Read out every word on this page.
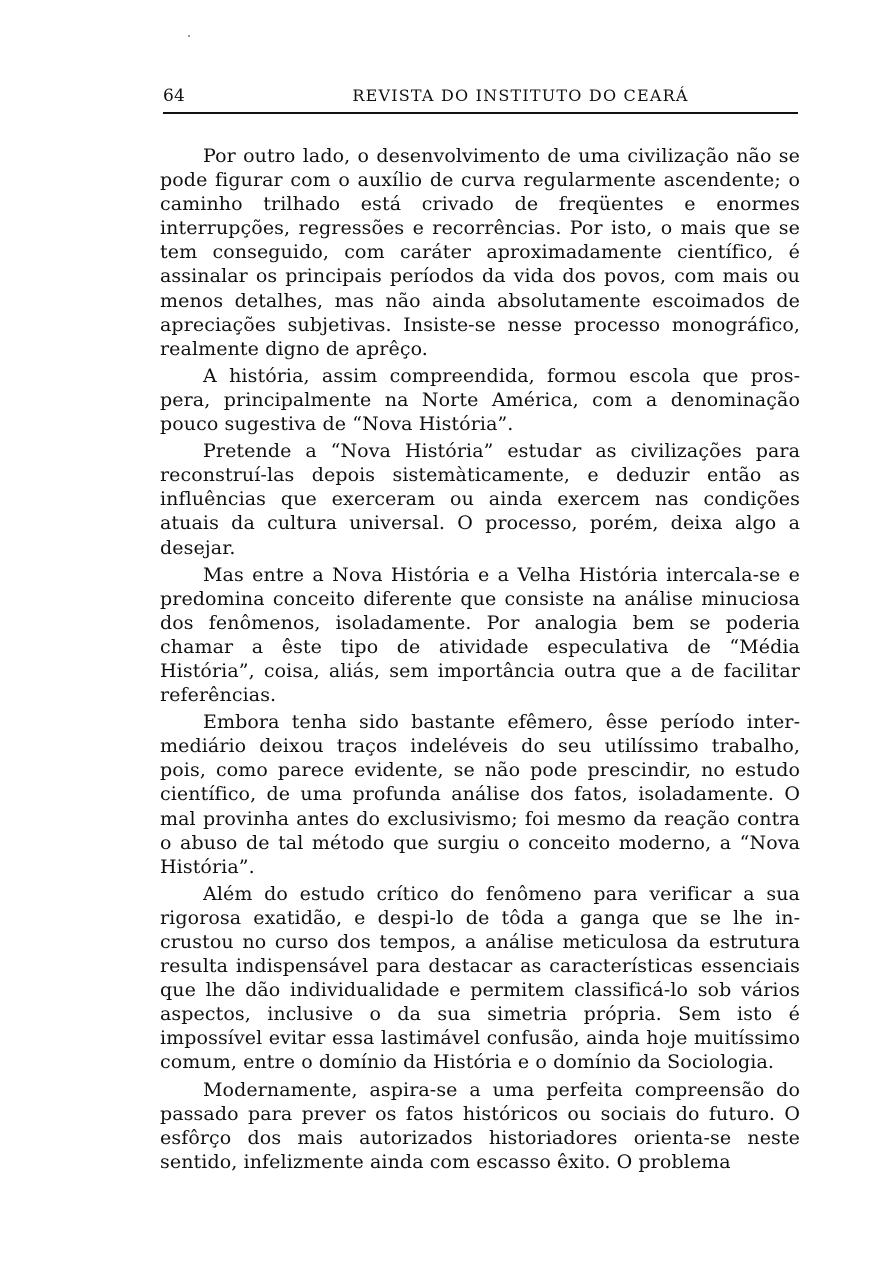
64	REVISTA DO INSTITUTO DO CEARÁ

Por outro lado, o desenvolvimento de uma civilização não se pode figurar com o auxílio de curva regularmente ascendente; o caminho trilhado está crivado de freqüentes e enormes interrupções, regressões e recorrências. Por isto, o mais que se tem conseguido, com caráter aproximadamente científico, é assinalar os principais períodos da vida dos povos, com mais ou menos detalhes, mas não ainda absolutamente escoimados de apreciações subjetivas. Insiste-se nesse processo monográfico, realmente digno de aprêço.

A história, assim compreendida, formou escola que prospera, principalmente na Norte América, com a denominação pouco sugestiva de “Nova História”.

Pretende a “Nova História” estudar as civilizações para reconstruí-las depois sistemàticamente, e deduzir então as influências que exerceram ou ainda exercem nas condições atuais da cultura universal. O processo, porém, deixa algo a desejar.

Mas entre a Nova História e a Velha História intercala-se e predomina conceito diferente que consiste na análise minuciosa dos fenômenos, isoladamente. Por analogia bem se poderia chamar a êste tipo de atividade especulativa de “Média História”, coisa, aliás, sem importância outra que a de facilitar referências.

Embora tenha sido bastante efêmero, êsse período intermediário deixou traços indeléveis do seu utilíssimo trabalho, pois, como parece evidente, se não pode prescindir, no estudo científico, de uma profunda análise dos fatos, isoladamente. O mal provinha antes do exclusivismo; foi mesmo da reação contra o abuso de tal método que surgiu o conceito moderno, a “Nova História”.

Além do estudo crítico do fenômeno para verificar a sua rigorosa exatidão, e despi-lo de tôda a ganga que se lhe incrustou no curso dos tempos, a análise meticulosa da estrutura resulta indispensável para destacar as características essenciais que lhe dão individualidade e permitem classificá-lo sob vários aspectos, inclusive o da sua simetria própria. Sem isto é impossível evitar essa lastimável confusão, ainda hoje muitíssimo comum, entre o domínio da História e o domínio da Sociologia.

Modernamente, aspira-se a uma perfeita compreensão do passado para prever os fatos históricos ou sociais do futuro. O esfôrço dos mais autorizados historiadores orienta-se neste sentido, infelizmente ainda com escasso êxito. O problema
